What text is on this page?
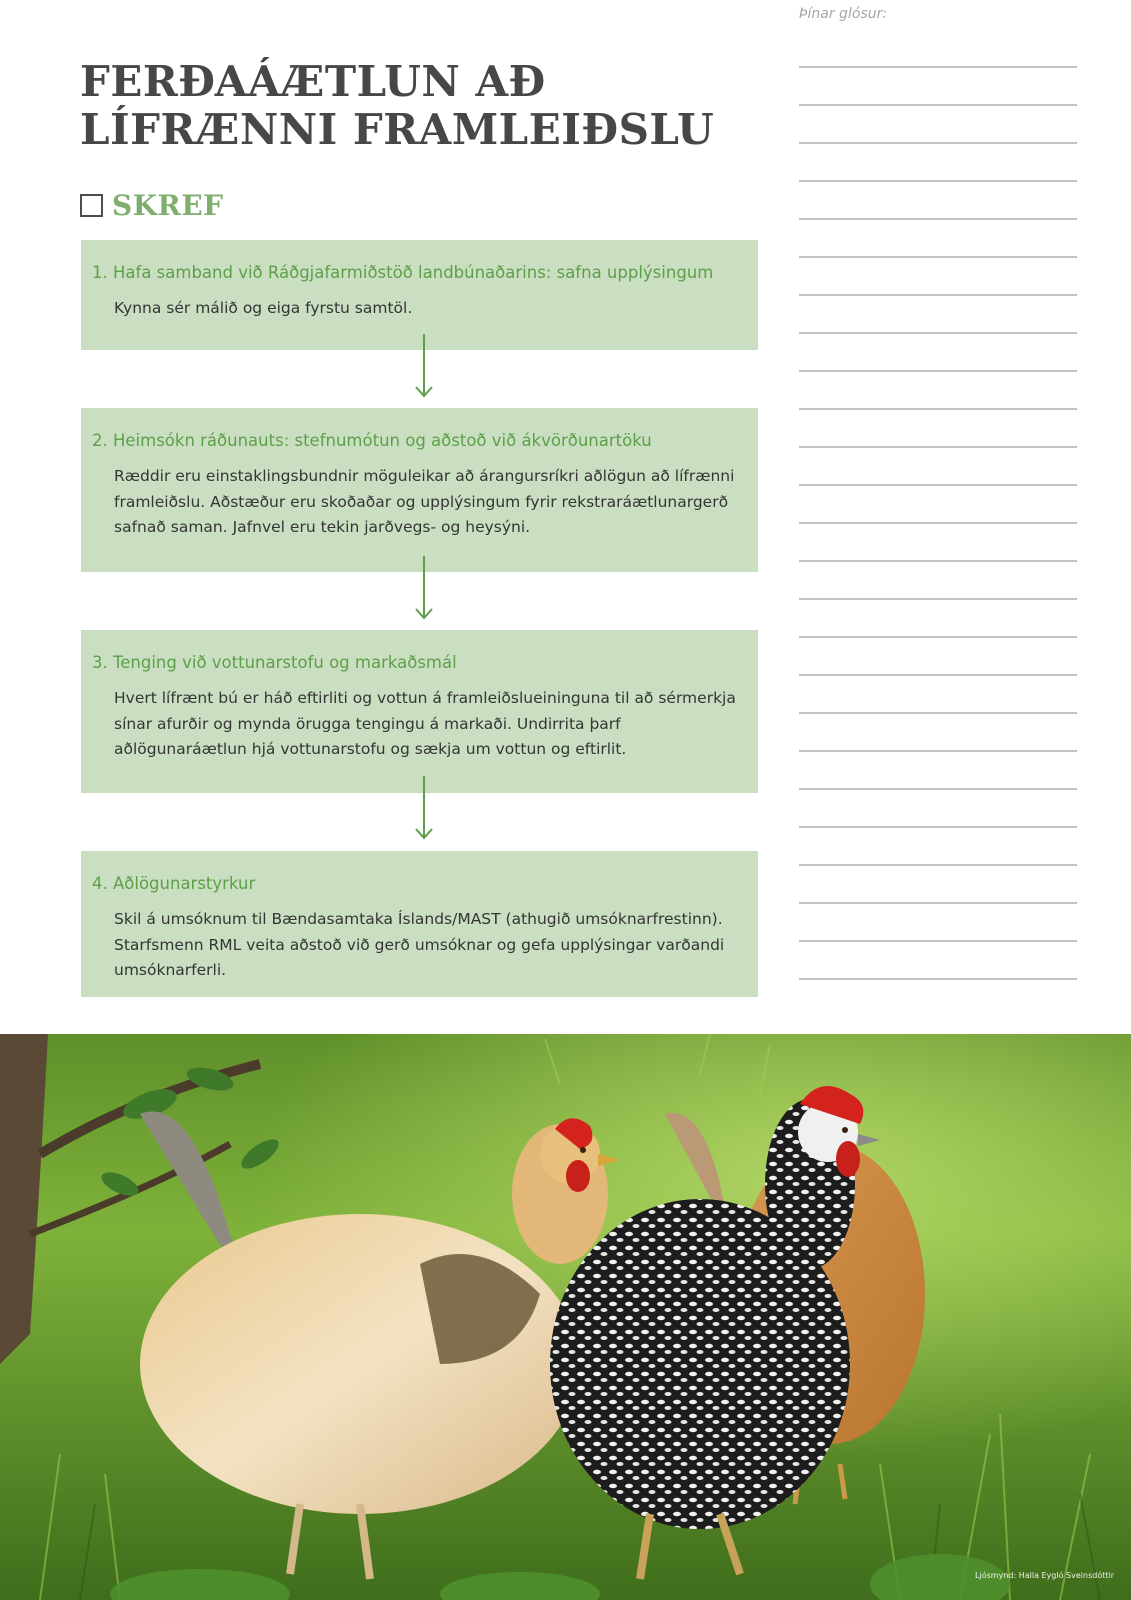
Þínar glósur:

FERÐAÁÆTLUN AÐ LÍFRÆNNI FRAMLEIÐSLU
SKREF
1. Hafa samband við Ráðgjafarmiðstöð landbúnaðarins: safna upplýsingum

Kynna sér málið og eiga fyrstu samtöl.

2. Heimsókn ráðunauts: stefnumótun og aðstoð við ákvörðunartöku

Ræddir eru einstaklingsbundnir möguleikar að árangursríkri aðlögun að lífrænni framleiðslu. Aðstæður eru skoðaðar og upplýsingum fyrir rekstraráætlunargerð safnað saman. Jafnvel eru tekin jarðvegs- og heysýni.

3. Tenging við vottunarstofu og markaðsmál

Hvert lífrænt bú er háð eftirliti og vottun á framleiðslueininguna til að sérmerkja sínar afurðir og mynda örugga tengingu á markaði. Undirrita þarf aðlögunaráætlun hjá vottunarstofu og sækja um vottun og eftirlit.

4. Aðlögunarstyrkur

Skil á umsóknum til Bændasamtaka Íslands/MAST (athugið umsóknarfrestinn). Starfsmenn RML veita aðstoð við gerð umsóknar og gefa upplýsingar varðandi umsóknarferli.

Ljósmynd: Halla Eygló Sveinsdóttir
